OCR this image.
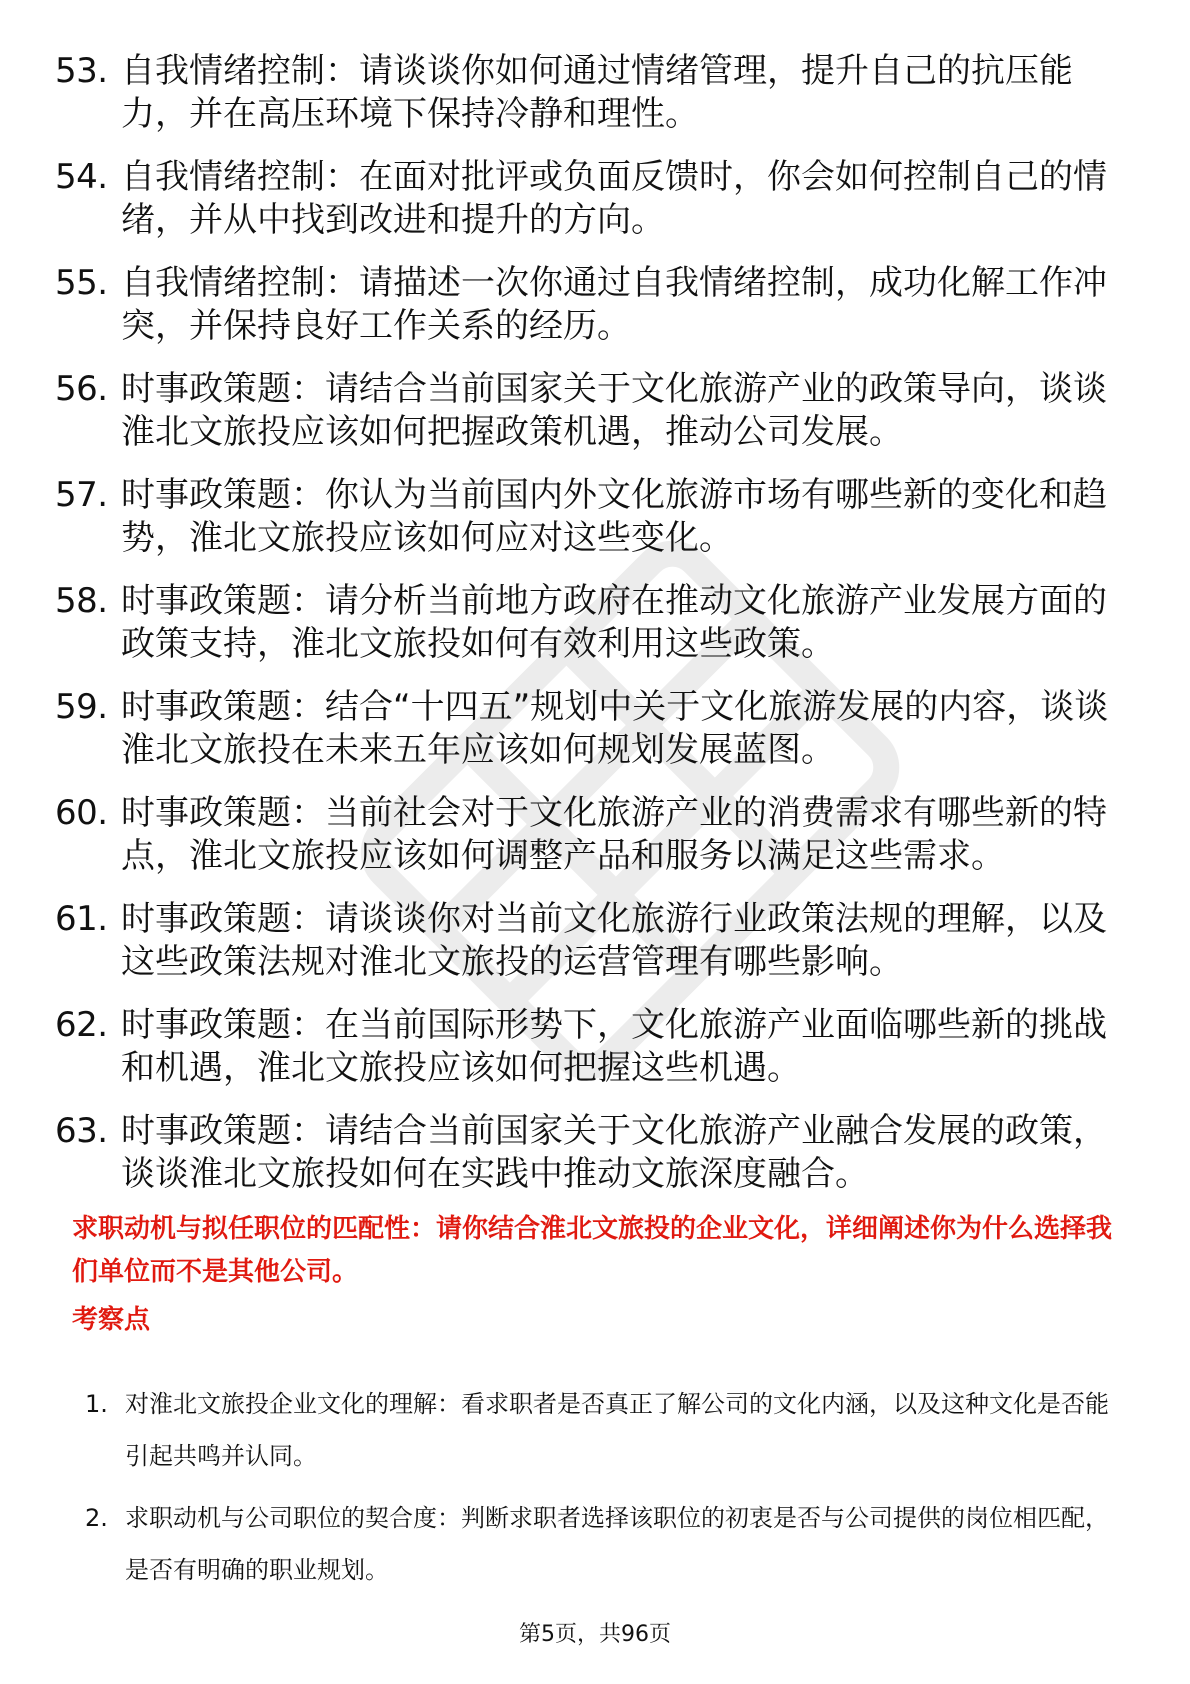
53. 自我情绪控制：请谈谈你如何通过情绪管理，提升自己的抗压能力，并在高压环境下保持冷静和理性。
54. 自我情绪控制：在面对批评或负面反馈时，你会如何控制自己的情绪，并从中找到改进和提升的方向。
55. 自我情绪控制：请描述一次你通过自我情绪控制，成功化解工作冲突，并保持良好工作关系的经历。
56. 时事政策题：请结合当前国家关于文化旅游产业的政策导向，谈谈淮北文旅投应该如何把握政策机遇，推动公司发展。
57. 时事政策题：你认为当前国内外文化旅游市场有哪些新的变化和趋势，淮北文旅投应该如何应对这些变化。
58. 时事政策题：请分析当前地方政府在推动文化旅游产业发展方面的政策支持，淮北文旅投如何有效利用这些政策。
59. 时事政策题：结合“十四五”规划中关于文化旅游发展的内容，谈谈淮北文旅投在未来五年应该如何规划发展蓝图。
60. 时事政策题：当前社会对于文化旅游产业的消费需求有哪些新的特点，淮北文旅投应该如何调整产品和服务以满足这些需求。
61. 时事政策题：请谈谈你对当前文化旅游行业政策法规的理解，以及这些政策法规对淮北文旅投的运营管理有哪些影响。
62. 时事政策题：在当前国际形势下，文化旅游产业面临哪些新的挑战和机遇，淮北文旅投应该如何把握这些机遇。
63. 时事政策题：请结合当前国家关于文化旅游产业融合发展的政策，谈谈淮北文旅投如何在实践中推动文旅深度融合。

求职动机与拟任职位的匹配性：请你结合淮北文旅投的企业文化，详细阐述你为什么选择我们单位而不是其他公司。

考察点

1. 对淮北文旅投企业文化的理解：看求职者是否真正了解公司的文化内涵，以及这种文化是否能引起共鸣并认同。
2. 求职动机与公司职位的契合度：判断求职者选择该职位的初衷是否与公司提供的岗位相匹配，是否有明确的职业规划。
第5页，共96页
